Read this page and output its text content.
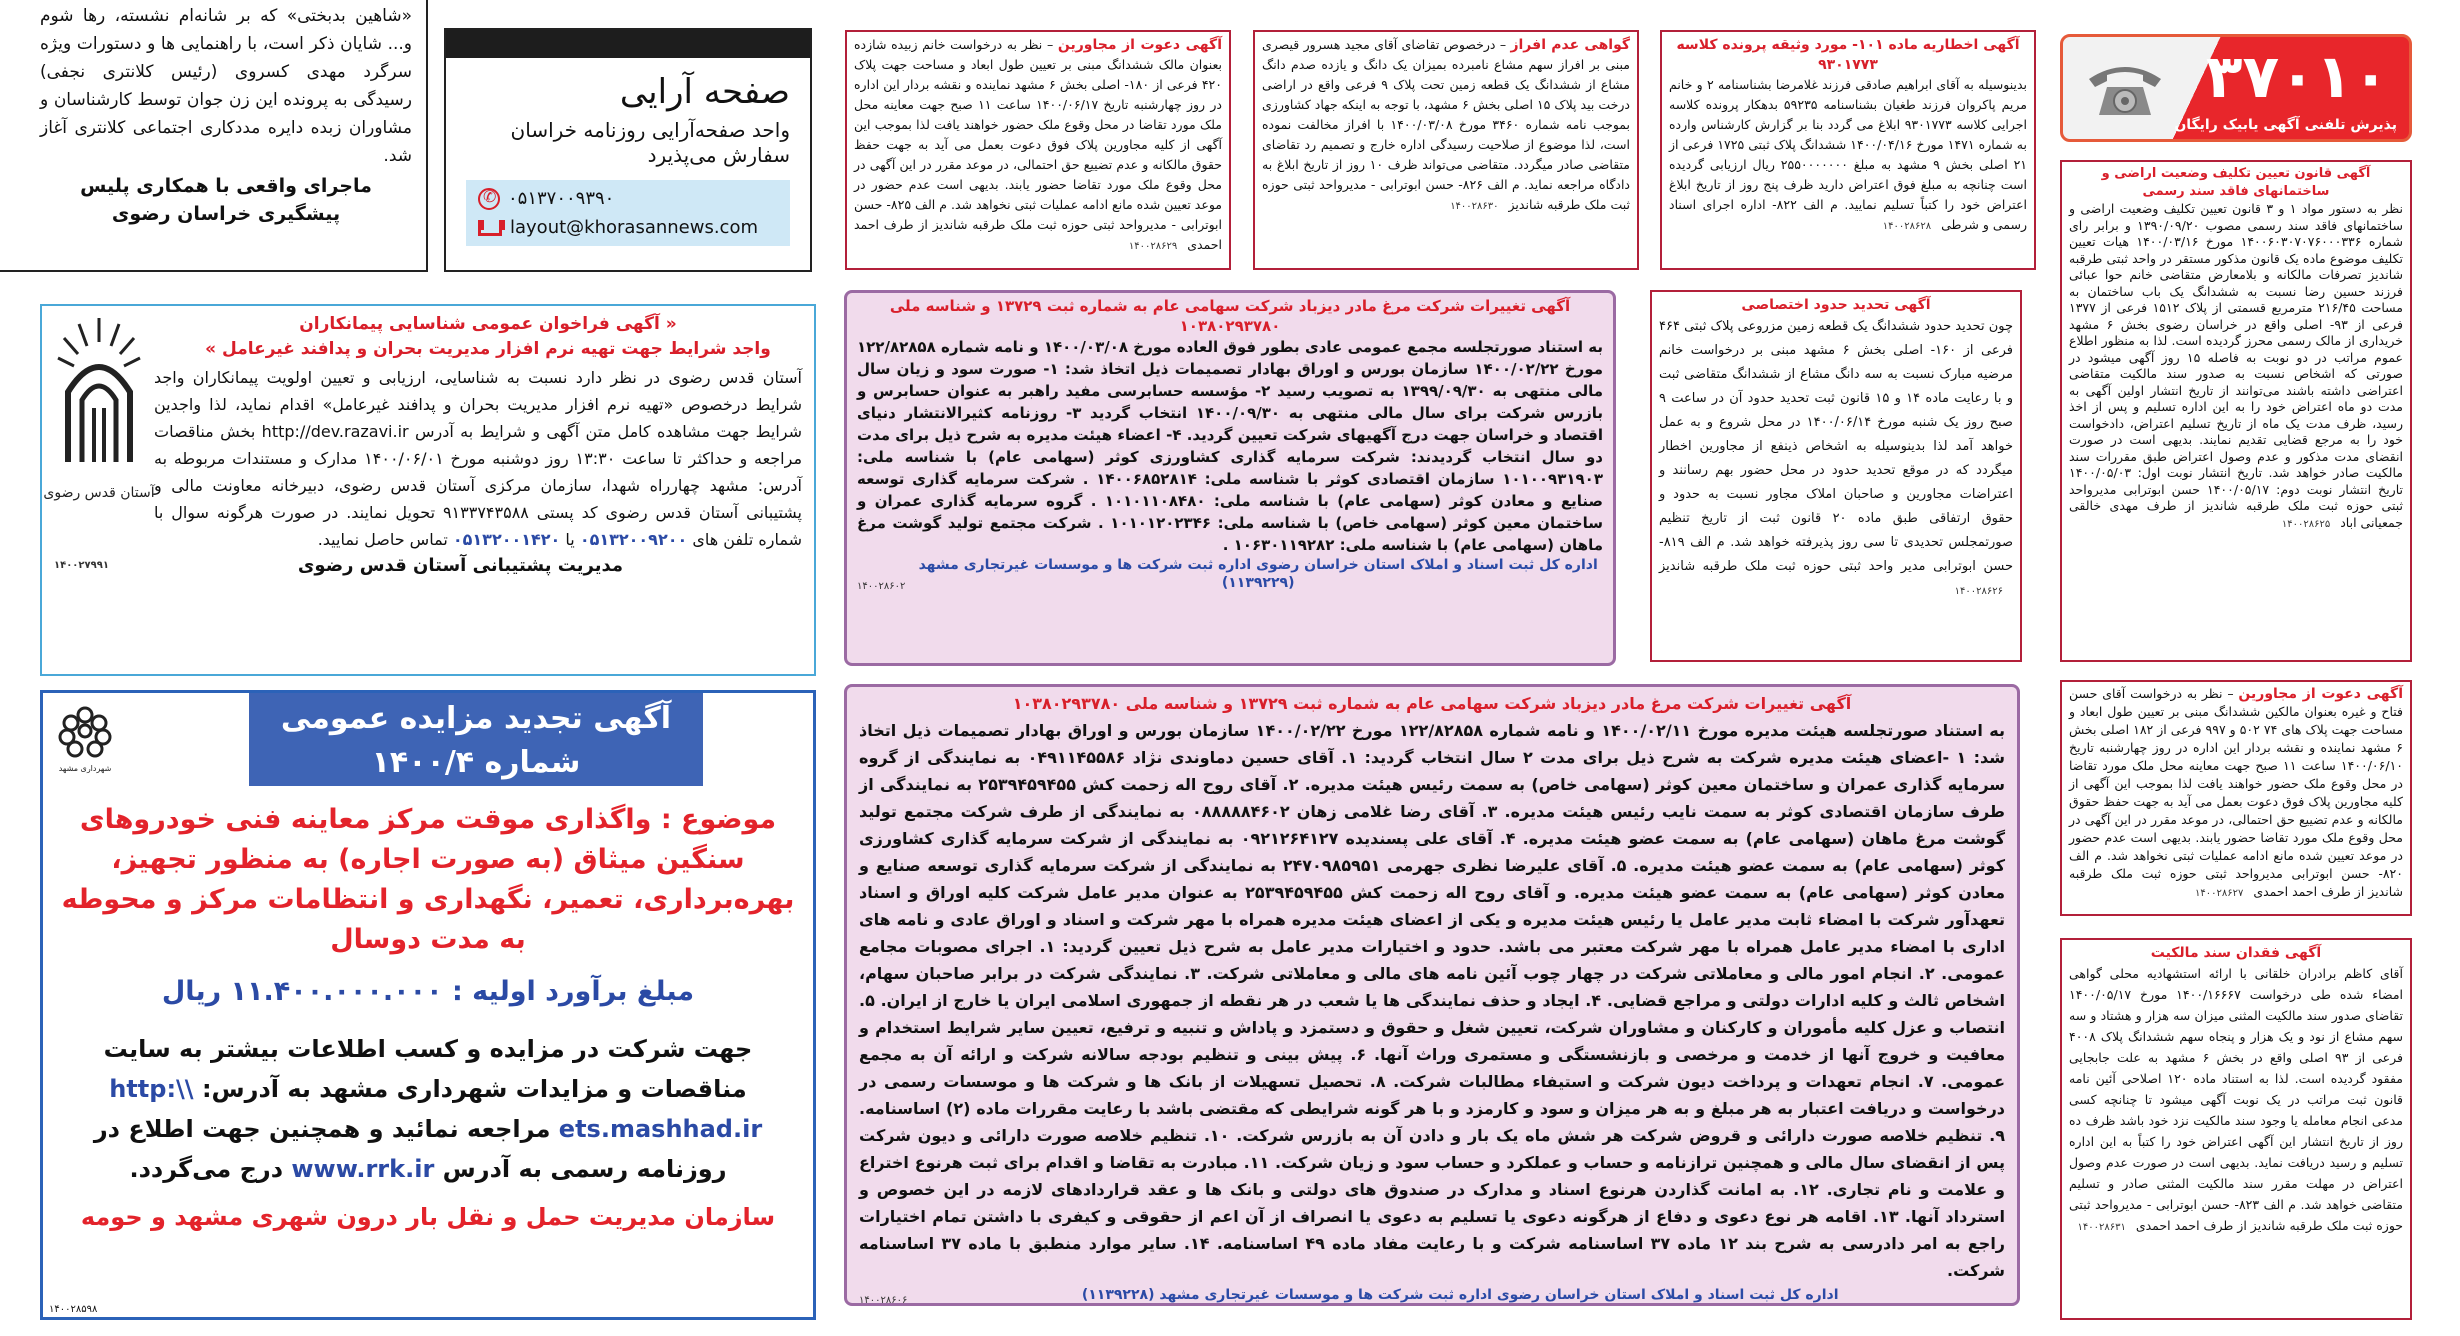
«شاهین بدبختی» که بر شانه‌ام نشسته، رها شوم و... شایان ذکر است، با راهنمایی ها و دستورات ویژه سرگرد مهدی کسروی (رئیس کلانتری نجفی) رسیدگی به پرونده این زن جوان توسط کارشناسان و مشاوران زبده دایره مددکاری اجتماعی کلانتری آغاز شد.

ماجرای واقعی با همکاری پلیس پیشگیری خراسان رضوی
صفحه آرایی

واحد صفحه‌آرایی روزنامه خراسان سفارش می‌پذیرد

✆
۰۵۱۳۷۰۰۹۳۹۰
layout@khorasannews.com

آگهی دعوت از مجاورین – نظر به درخواست خانم زبیده شازده بعنوان مالک ششدانگ مبنی بر تعیین طول ابعاد و مساحت جهت پلاک ۴۲۰ فرعی از ۱۸۰- اصلی بخش ۶ مشهد نماینده و نقشه بردار این اداره در روز چهارشنبه تاریخ ۱۴۰۰/۰۶/۱۷ ساعت ۱۱ صبح جهت معاینه محل ملک مورد تقاضا در محل وقوع ملک حضور خواهند یافت لذا بموجب این آگهی از کلیه مجاورین پلاک فوق دعوت بعمل می آید به جهت حفظ حقوق مالکانه و عدم تضییع حق احتمالی، در موعد مقرر در این آگهی در محل وقوع ملک مورد تقاضا حضور یابند. بدیهی است عدم حضور در موعد تعیین شده مانع ادامه عملیات ثبتی نخواهد شد. م الف ۸۲۵- حسن ابوترابی - مدیرواحد ثبتی حوزه ثبت ملک طرقبه شاندیز از طرف احمد احمدی۱۴۰۰۲۸۶۲۹

گواهی عدم افراز – درخصوص تقاضای آقای مجید هسرور قیصری مبنی بر افراز سهم مشاع نامبرده بمیزان یک دانگ و یازده صدم دانگ مشاع از ششدانگ یک قطعه زمین تحت پلاک ۹ فرعی واقع در اراضی درخت بید پلاک ۱۵ اصلی بخش ۶ مشهد، با توجه به اینکه جهاد کشاورزی بموجب نامه شماره ۳۴۶۰ مورخ ۱۴۰۰/۰۳/۰۸ با افراز مخالفت نموده است، لذا موضوع از صلاحیت رسیدگی اداره خارج و تصمیم رد تقاضای متقاضی صادر میگردد. متقاضی می‌تواند ظرف ۱۰ روز از تاریخ ابلاغ به دادگاه مراجعه نماید. م الف ۸۲۶- حسن ابوترابی - مدیرواحد ثبتی حوزه ثبت ملک طرقبه شاندیز۱۴۰۰۲۸۶۳۰

آگهی اخطاریه ماده ۱۰۱- مورد وثیقه پرونده کلاسه ۹۳۰۱۷۷۳

بدینوسیله به آقای ابراهیم صادقی فرزند غلامرضا بشناسنامه ۲ و خانم مریم پاکروان فرزند طغیان بشناسنامه ۵۹۲۳۵ بدهکار پرونده کلاسه اجرایی کلاسه ۹۳۰۱۷۷۳ ابلاغ می گردد بنا بر گزارش کارشناس وارده به شماره ۱۴۷۱ مورخ ۱۴۰۰/۰۴/۱۶ ششدانگ پلاک ثبتی ۱۷۲۵ فرعی از ۲۱ اصلی بخش ۹ مشهد به مبلغ ۲۵۵۰۰۰۰۰۰۰ ریال ارزیابی گردیده است چنانچه به مبلغ فوق اعتراض دارید ظرف پنج روز از تاریخ ابلاغ اعتراض خود را کتباً تسلیم نمایید. م الف ۸۲۲- اداره اجرای اسناد رسمی و شرطی۱۴۰۰۲۸۶۲۸

۳۷۰۱۰
پذیرش تلفنی آگهی یابیک رایگان
آگهی قانون تعیین تکلیف وضعیت اراضی و ساختمانهای فاقد سند رسمی

نظر به دستور مواد ۱ و ۳ قانون تعیین تکلیف وضعیت اراضی و ساختمانهای فاقد سند رسمی مصوب ۱۳۹۰/۰۹/۲۰ و برابر رای شماره ۱۴۰۰۶۰۳۰۷۰۷۶۰۰۰۳۳۶ مورخ ۱۴۰۰/۰۳/۱۶ هیات تعیین تکلیف موضوع ماده یک قانون مذکور مستقر در واحد ثبتی طرقبه شاندیز تصرفات مالکانه و بلامعارض متقاضی خانم حوا عبائی فرزند حسین رضا نسبت به ششدانگ یک باب ساختمان به مساحت ۲۱۶/۴۵ مترمربع قسمتی از پلاک ۱۵۱۲ فرعی از ۱۳۷۷ فرعی از ۹۳- اصلی واقع در خراسان رضوی بخش ۶ مشهد خریداری از مالک رسمی محرز گردیده است. لذا به منظور اطلاع عموم مراتب در دو نوبت به فاصله ۱۵ روز آگهی میشود در صورتی که اشخاص نسبت به صدور سند مالکیت متقاضی اعتراضی داشته باشند می‌توانند از تاریخ انتشار اولین آگهی به مدت دو ماه اعتراض خود را به این اداره تسلیم و پس از اخذ رسید، ظرف مدت یک ماه از تاریخ تسلیم اعتراض، دادخواست خود را به مرجع قضایی تقدیم نمایند. بدیهی است در صورت انقضای مدت مذکور و عدم وصول اعتراض طبق مقررات سند مالکیت صادر خواهد شد. تاریخ انتشار نوبت اول: ۱۴۰۰/۰۵/۰۳ تاریخ انتشار نوبت دوم: ۱۴۰۰/۰۵/۱۷ حسن ابوترابی مدیرواحد ثبتی حوزه ثبت ملک طرقبه شاندیز از طرف مهدی خالقی جمعیانی اباد۱۴۰۰۲۸۶۲۵

آگهی دعوت از مجاورین – نظر به درخواست آقای حسن فتاح و غیره بعنوان مالکین ششدانگ مبنی بر تعیین طول ابعاد و مساحت جهت پلاک های ۷۴ ۵۰۲ و ۹۹۷ فرعی از ۱۸۲ اصلی بخش ۶ مشهد نماینده و نقشه بردار این اداره در روز چهارشنبه تاریخ ۱۴۰۰/۰۶/۱۰ ساعت ۱۱ صبح جهت معاینه محل ملک مورد تقاضا در محل وقوع ملک حضور خواهند یافت لذا بموجب این آگهی از کلیه مجاورین پلاک فوق دعوت بعمل می آید به جهت حفظ حقوق مالکانه و عدم تضییع حق احتمالی، در موعد مقرر در این آگهی در محل وقوع ملک مورد تقاضا حضور یابند. بدیهی است عدم حضور در موعد تعیین شده مانع ادامه عملیات ثبتی نخواهد شد. م الف ۸۲۰- حسن ابوترابی مدیرواحد ثبتی حوزه ثبت ملک طرقبه شاندیز از طرف احمد احمدی۱۴۰۰۲۸۶۲۷

آگهی فقدان سند مالکیت

آقای کاظم برادران خلقانی با ارائه استشهادیه محلی گواهی امضاء شده طی درخواست ۱۴۰۰/۱۶۶۶۷ مورخ ۱۴۰۰/۰۵/۱۷ تقاضای صدور سند مالکیت المثنی میزان سه هزار و هشتاد و سه سهم مشاع از نود و یک هزار و پنجاه سهم ششدانگ پلاک ۴۰۰۸ فرعی از ۹۳ اصلی واقع در بخش ۶ مشهد به علت جابجایی مفقود گردیده است. لذا به استناد ماده ۱۲۰ اصلاحی آئین نامه قانون ثبت مراتب در یک نوبت آگهی میشود تا چنانچه کسی مدعی انجام معامله یا وجود سند مالکیت نزد خود باشد ظرف ده روز از تاریخ انتشار این آگهی اعتراض خود را کتباً به این اداره تسلیم و رسید دریافت نماید. بدیهی است در صورت عدم وصول اعتراض در مهلت مقرر سند مالکیت المثنی صادر و تسلیم متقاضی خواهد شد. م الف ۸۲۳- حسن ابوترابی - مدیرواحد ثبتی حوزه ثبت ملک طرقبه شاندیز از طرف احمد احمدی۱۴۰۰۲۸۶۳۱

آگهی تحدید حدود اختصاصی

چون تحدید حدود ششدانگ یک قطعه زمین مزروعی پلاک ثبتی ۴۶۴ فرعی از ۱۶۰- اصلی بخش ۶ مشهد مبنی بر درخواست خانم مرضیه مبارک نسبت به سه دانگ مشاع از ششدانگ متقاضی ثبت و با رعایت ماده ۱۴ و ۱۵ قانون ثبت تحدید حدود آن در ساعت ۹ صبح روز یک شنبه مورخ ۱۴۰۰/۰۶/۱۴ در محل شروع و به عمل خواهد آمد لذا بدینوسیله به اشخاص ذینفع از مجاورین اخطار میگردد که در موقع تحدید حدود در محل حضور بهم رسانند و اعتراضات مجاورین و صاحبان املاک مجاور نسبت به حدود و حقوق ارتفاقی طبق ماده ۲۰ قانون ثبت از تاریخ تنظیم صورتمجلس تحدیدی تا سی روز پذیرفته خواهد شد. م الف ۸۱۹- حسن ابوترابی مدیر واحد ثبتی حوزه ثبت ملک طرقبه شاندیز۱۴۰۰۲۸۶۲۶

آستان قدس رضوی
« آگهی فراخوان عمومی شناسایی پیمانکاران
واجد شرایط جهت تهیه نرم افزار مدیریت بحران و پدافند غیرعامل »

آستان قدس رضوی در نظر دارد نسبت به شناسایی، ارزیابی و تعیین اولویت پیمانکاران واجد شرایط درخصوص «تهیه نرم افزار مدیریت بحران و پدافند غیرعامل» اقدام نماید، لذا واجدین شرایط جهت مشاهده کامل متن آگهی و شرایط به آدرس http://dev.razavi.ir بخش مناقصات مراجعه و حداکثر تا ساعت ۱۳:۳۰ روز دوشنبه مورخ ۱۴۰۰/۰۶/۰۱ مدارک و مستندات مربوطه به آدرس: مشهد چهارراه شهدا، سازمان مرکزی آستان قدس رضوی، دبیرخانه معاونت مالی و پشتیبانی آستان قدس رضوی کد پستی ۹۱۳۳۷۴۳۵۸۸ تحویل نمایند. در صورت هرگونه سوال با شماره تلفن های ۰۵۱۳۲۰۰۹۲۰۰ یا ۰۵۱۳۲۰۰۱۴۲۰ تماس حاصل نمایید.

مدیریت پشتیبانی آستان قدس رضوی
۱۴۰۰۲۷۹۹۱
شهرداری مشهد
آگهی تجدید مزایده عمومی
شماره ۱۴۰۰/۴
موضوع : واگذاری موقت مرکز معاینه فنی خودروهای سنگین میثاق (به صورت اجاره) به منظور تجهیز، بهره‌برداری، تعمیر، نگهداری و انتظامات مرکز و محوطه به مدت دوسال
مبلغ برآورد اولیه : ۱۱.۴۰۰.۰۰۰.۰۰۰ ریال
جهت شرکت در مزایده و کسب اطلاعات بیشتر به سایت مناقصات و مزایدات شهرداری مشهد به آدرس: http:\\ ets.mashhad.ir مراجعه نمائید و همچنین جهت اطلاع در روزنامه رسمی به آدرس www.rrk.ir درج می‌گردد.
سازمان مدیریت حمل و نقل بار درون شهری مشهد و حومه
۱۴۰۰۲۸۵۹۸
آگهی تغییرات شرکت مرغ مادر دیزباد شرکت سهامی عام به شماره ثبت ۱۳۷۲۹ و شناسه ملی ۱۰۳۸۰۲۹۳۷۸۰

به استناد صورتجلسه مجمع عمومی عادی بطور فوق العاده مورخ ۱۴۰۰/۰۳/۰۸ و نامه شماره ۱۲۲/۸۲۸۵۸ مورخ ۱۴۰۰/۰۲/۲۲ سازمان بورس و اوراق بهادار تصمیمات ذیل اتخاذ شد: ۱- صورت سود و زیان سال مالی منتهی به ۱۳۹۹/۰۹/۳۰ به تصویب رسید ۲- مؤسسه حسابرسی مفید راهبر به عنوان حسابرس و بازرس شرکت برای سال مالی منتهی به ۱۴۰۰/۰۹/۳۰ انتخاب گردید ۳- روزنامه کثیرالانتشار دنیای اقتصاد و خراسان جهت درج آگهیهای شرکت تعیین گردید. ۴- اعضاء هیئت مدیره به شرح ذیل برای مدت دو سال انتخاب گردیدند: شرکت سرمایه گذاری کشاورزی کوثر (سهامی عام) با شناسه ملی: ۱۰۱۰۰۹۳۱۹۰۳ سازمان اقتصادی کوثر با شناسه ملی: ۱۴۰۰۶۸۵۲۸۱۴ . شرکت سرمایه گذاری توسعه صنایع و معادن کوثر (سهامی عام) با شناسه ملی: ۱۰۱۰۱۱۰۸۴۸۰ . گروه سرمایه گذاری عمران و ساختمان معین کوثر (سهامی خاص) با شناسه ملی: ۱۰۱۰۱۲۰۲۳۴۶ . شرکت مجتمع تولید گوشت مرغ ماهان (سهامی عام) با شناسه ملی: ۱۰۶۳۰۱۱۹۲۸۲ .

اداره کل ثبت اسناد و املاک استان خراسان رضوی اداره ثبت شرکت ها و موسسات غیرتجاری مشهد (۱۱۳۹۲۲۹)
۱۴۰۰۲۸۶۰۲
آگهی تغییرات شرکت مرغ مادر دیزباد شرکت سهامی عام به شماره ثبت ۱۳۷۲۹ و شناسه ملی ۱۰۳۸۰۲۹۳۷۸۰

به استناد صورتجلسه هیئت مدیره مورخ ۱۴۰۰/۰۲/۱۱ و نامه شماره ۱۲۲/۸۲۸۵۸ مورخ ۱۴۰۰/۰۲/۲۲ سازمان بورس و اوراق بهادار تصمیمات ذیل اتخاذ شد: ۱ -اعضای هیئت مدیره شرکت به شرح ذیل برای مدت ۲ سال انتخاب گردید: ۱. آقای حسین دماوندی نژاد ۰۴۹۱۱۴۵۵۸۶ به نمایندگی از گروه سرمایه گذاری عمران و ساختمان معین کوثر (سهامی خاص) به سمت رئیس هیئت مدیره. ۲. آقای روح اله زحمت کش ۲۵۳۹۴۵۹۴۵۵ به نمایندگی از طرف سازمان اقتصادی کوثر به سمت نایب رئیس هیئت مدیره. ۳. آقای رضا غلامی زهان ۰۸۸۸۸۸۴۶۰۲ به نمایندگی از طرف شرکت مجتمع تولید گوشت مرغ ماهان (سهامی عام) به سمت عضو هیئت مدیره. ۴. آقای علی پسندیده ۰۹۲۱۲۶۴۱۲۷ به نمایندگی از شرکت سرمایه گذاری کشاورزی کوثر (سهامی عام) به سمت عضو هیئت مدیره. ۵. آقای علیرضا نظری جهرمی ۲۴۷۰۹۸۵۹۵۱ به نمایندگی از شرکت سرمایه گذاری توسعه صنایع و معادن کوثر (سهامی عام) به سمت عضو هیئت مدیره. و آقای روح اله زحمت کش ۲۵۳۹۴۵۹۴۵۵ به عنوان مدیر عامل شرکت کلیه اوراق و اسناد تعهدآور شرکت با امضاء ثابت مدیر عامل یا رئیس هیئت مدیره و یکی از اعضای هیئت مدیره همراه با مهر شرکت و اسناد و اوراق عادی و نامه های اداری با امضاء مدیر عامل همراه با مهر شرکت معتبر می باشد. حدود و اختیارات مدیر عامل به شرح ذیل تعیین گردید: ۱. اجرای مصوبات مجامع عمومی. ۲. انجام امور مالی و معاملاتی شرکت در چهار چوب آئین نامه های مالی و معاملاتی شرکت. ۳. نمایندگی شرکت در برابر صاحبان سهام، اشخاص ثالث و کلیه ادارات دولتی و مراجع قضایی. ۴. ایجاد و حذف نمایندگی ها یا شعب در هر نقطه از جمهوری اسلامی ایران یا خارج از ایران. ۵. انتصاب و عزل کلیه مأموران و کارکنان و مشاوران شرکت، تعیین شغل و حقوق و دستمزد و پاداش و تنبیه و ترفیع، تعیین سایر شرایط استخدام و معافیت و خروج آنها از خدمت و مرخصی و بازنشستگی و مستمری وراث آنها. ۶. پیش بینی و تنظیم بودجه سالانه شرکت و ارائه آن به مجمع عمومی. ۷. انجام تعهدات و پرداخت دیون شرکت و استیفاء مطالبات شرکت. ۸. تحصیل تسهیلات از بانک ها و شرکت ها و موسسات رسمی در درخواست و دریافت اعتبار به هر مبلغ و به هر میزان و سود و کارمزد و با هر گونه شرایطی که مقتضی باشد با رعایت مقررات ماده (۲) اساسنامه. ۹. تنظیم خلاصه صورت دارائی و قروض شرکت هر شش ماه یک بار و دادن آن به بازرس شرکت. ۱۰. تنظیم خلاصه صورت دارائی و دیون شرکت پس از انقضای سال مالی و همچنین ترازنامه و حساب و عملکرد و حساب سود و زیان شرکت. ۱۱. مبادرت به تقاضا و اقدام برای ثبت هرنوع اختراع و علامت و نام تجاری. ۱۲. به امانت گذاردن هرنوع اسناد و مدارک در صندوق های دولتی و بانک ها و عقد قراردادهای لازمه در این خصوص و استرداد آنها. ۱۳. اقامه هر نوع دعوی و دفاع از هرگونه دعوی یا تسلیم به دعوی یا انصراف از آن اعم از حقوقی و کیفری با داشتن تمام اختیارات راجع به امر دادرسی به شرح بند ۱۲ ماده ۳۷ اساسنامه شرکت و با رعایت مفاد ماده ۴۹ اساسنامه. ۱۴. سایر موارد منطبق با ماده ۳۷ اساسنامه شرکت.

اداره کل ثبت اسناد و املاک استان خراسان رضوی اداره ثبت شرکت ها و موسسات غیرتجاری مشهد (۱۱۳۹۲۲۸)
۱۴۰۰۲۸۶۰۶
